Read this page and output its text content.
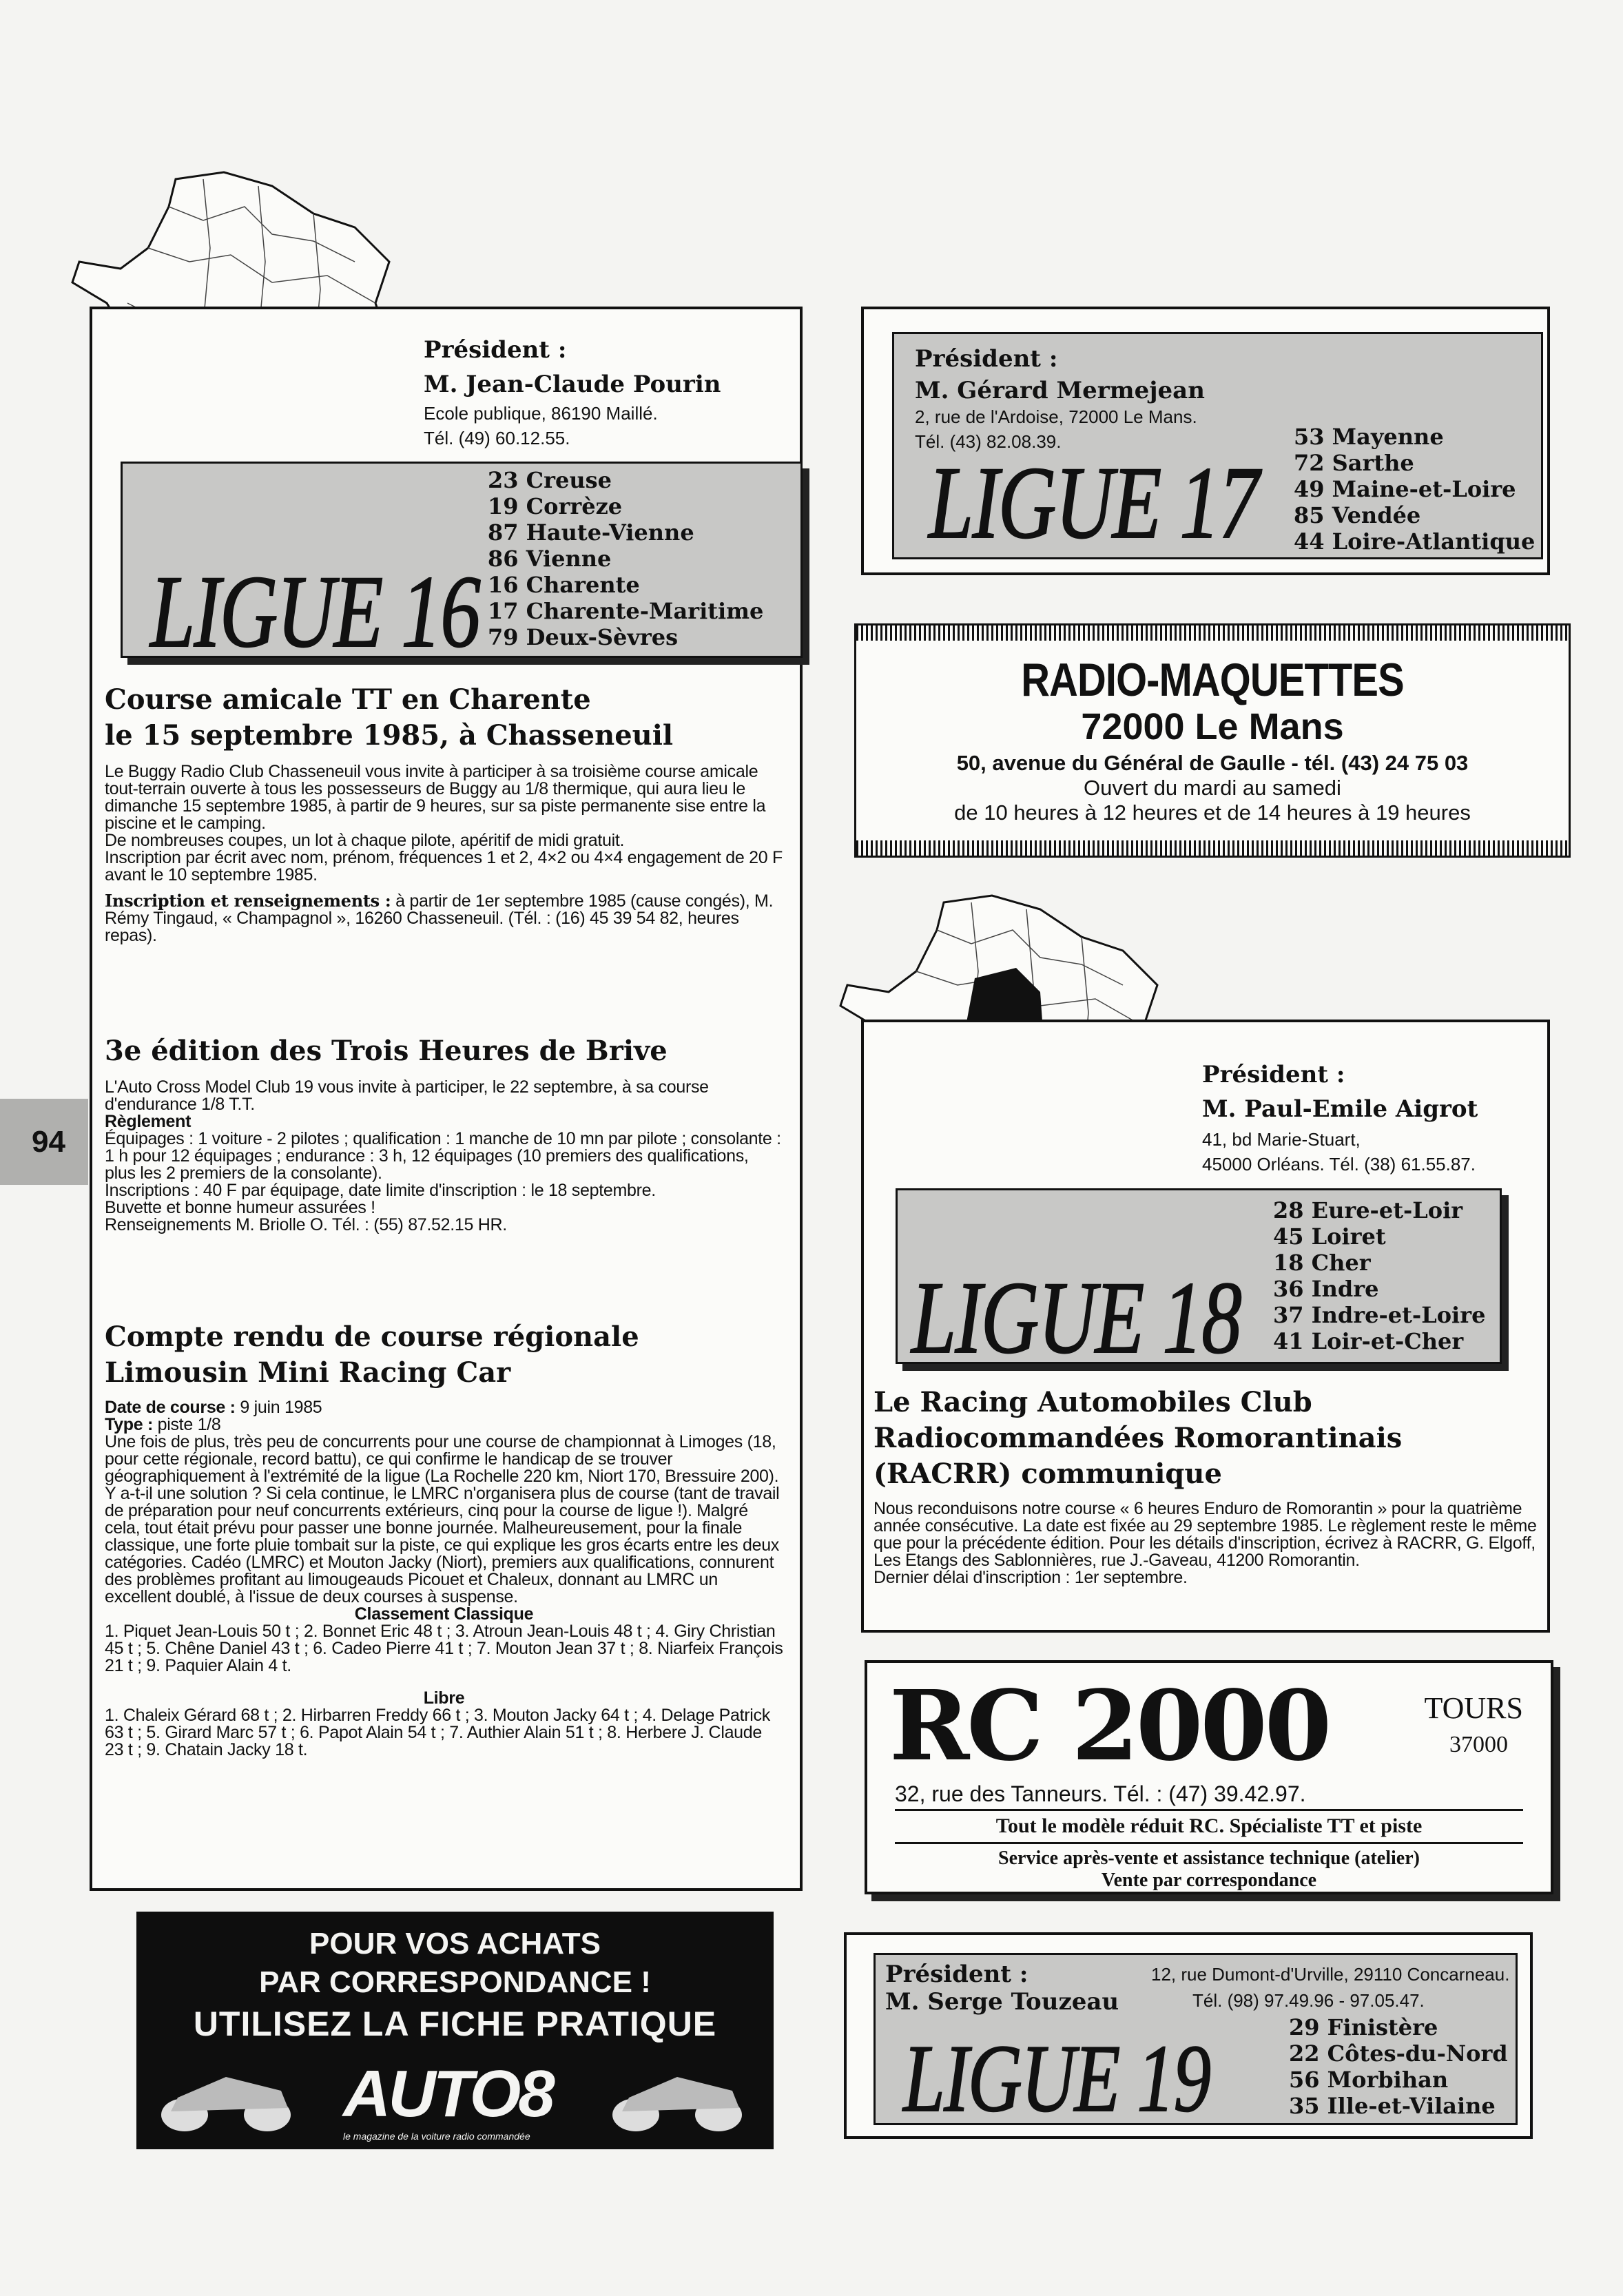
94
Président :
M. Jean-Claude Pourin
Ecole publique, 86190 Maillé.
Tél. (49) 60.12.55.
LIGUE 16
23 Creuse
19 Corrèze
87 Haute-Vienne
86 Vienne
16 Charente
17 Charente-Maritime
79 Deux-Sèvres
Course amicale TT en Charente
le 15 septembre 1985, à Chasseneuil

Le Buggy Radio Club Chasseneuil vous invite à participer à sa troisième course amicale tout-terrain ouverte à tous les possesseurs de Buggy au 1/8 thermique, qui aura lieu le dimanche 15 septembre 1985, à partir de 9 heures, sur sa piste permanente sise entre la piscine et le camping.

De nombreuses coupes, un lot à chaque pilote, apéritif de midi gratuit.

Inscription par écrit avec nom, prénom, fréquences 1 et 2, 4×2 ou 4×4 engagement de 20 F avant le 10 septembre 1985.

Inscription et renseignements : à partir de 1er septembre 1985 (cause congés), M. Rémy Tingaud, « Champagnol », 16260 Chasseneuil. (Tél. : (16) 45 39 54 82, heures repas).

3e édition des Trois Heures de Brive

L'Auto Cross Model Club 19 vous invite à participer, le 22 septembre, à sa course d'endurance 1/8 T.T.

Règlement

Équipages : 1 voiture - 2 pilotes ; qualification : 1 manche de 10 mn par pilote ; consolante : 1 h pour 12 équipages ; endurance : 3 h, 12 équipages (10 premiers des qualifications, plus les 2 premiers de la consolante).

Inscriptions : 40 F par équipage, date limite d'inscription : le 18 septembre.

Buvette et bonne humeur assurées !

Renseignements M. Briolle O. Tél. : (55) 87.52.15 HR.

Compte rendu de course régionale
Limousin Mini Racing Car

Date de course : 9 juin 1985

Type : piste 1/8

Une fois de plus, très peu de concurrents pour une course de championnat à Limoges (18, pour cette régionale, record battu), ce qui confirme le handicap de se trouver géographiquement à l'extrémité de la ligue (La Rochelle 220 km, Niort 170, Bressuire 200). Y a-t-il une solution ? Si cela continue, le LMRC n'organisera plus de course (tant de travail de préparation pour neuf concurrents extérieurs, cinq pour la course de ligue !). Malgré cela, tout était prévu pour passer une bonne journée. Malheureusement, pour la finale classique, une forte pluie tombait sur la piste, ce qui explique les gros écarts entre les deux catégories. Cadéo (LMRC) et Mouton Jacky (Niort), premiers aux qualifications, connurent des problèmes profitant au limougeauds Picouet et Chaleux, donnant au LMRC un excellent doublé, à l'issue de deux courses à suspense.

Classement Classique

1. Piquet Jean-Louis 50 t ; 2. Bonnet Eric 48 t ; 3. Atroun Jean-Louis 48 t ; 4. Giry Christian 45 t ; 5. Chêne Daniel 43 t ; 6. Cadeo Pierre 41 t ; 7. Mouton Jean 37 t ; 8. Niarfeix François 21 t ; 9. Paquier Alain 4 t.

Libre

1. Chaleix Gérard 68 t ; 2. Hirbarren Freddy 66 t ; 3. Mouton Jacky 64 t ; 4. Delage Patrick 63 t ; 5. Girard Marc 57 t ; 6. Papot Alain 54 t ; 7. Authier Alain 51 t ; 8. Herbere J. Claude 23 t ; 9. Chatain Jacky 18 t.

POUR VOS ACHATS
PAR CORRESPONDANCE !
UTILISEZ LA FICHE PRATIQUE
AUTO8
le magazine de la voiture radio commandée
Président :
M. Gérard Mermejean
2, rue de l'Ardoise, 72000 Le Mans.
Tél. (43) 82.08.39.
LIGUE 17
53 Mayenne
72 Sarthe
49 Maine-et-Loire
85 Vendée
44 Loire-Atlantique
RADIO-MAQUETTES
72000 Le Mans
50, avenue du Général de Gaulle - tél. (43) 24 75 03
Ouvert du mardi au samedi
de 10 heures à 12 heures et de 14 heures à 19 heures
Président :
M. Paul-Emile Aigrot
41, bd Marie-Stuart,
45000 Orléans. Tél. (38) 61.55.87.
LIGUE 18
28 Eure-et-Loir
45 Loiret
18 Cher
36 Indre
37 Indre-et-Loire
41 Loir-et-Cher
Le Racing Automobiles Club
Radiocommandées Romorantinais
(RACRR) communique

Nous reconduisons notre course « 6 heures Enduro de Romorantin » pour la quatrième année consécutive. La date est fixée au 29 septembre 1985. Le règlement reste le même que pour la précédente édition. Pour les détails d'inscription, écrivez à RACRR, G. Elgoff, Les Etangs des Sablonnières, rue J.-Gaveau, 41200 Romorantin.

Dernier délai d'inscription : 1er septembre.

RC 2000	TOURS
37000
32, rue des Tanneurs. Tél. : (47) 39.42.97.
Tout le modèle réduit RC. Spécialiste TT et piste
Service après-vente et assistance technique (atelier)
Vente par correspondance
Président :
M. Serge Touzeau
12, rue Dumont-d'Urville, 29110 Concarneau.
Tél. (98) 97.49.96 - 97.05.47.
LIGUE 19	29 Finistère
22 Côtes-du-Nord
56 Morbihan
35 Ille-et-Vilaine
